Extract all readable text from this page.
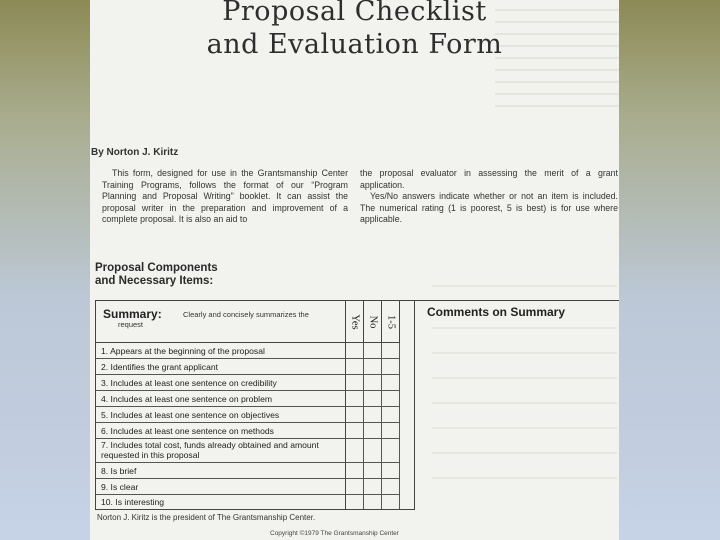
Proposal Checklist
and Evaluation Form
By Norton J. Kiritz
This form, designed for use in the Grantsmanship Center Training Programs, follows the format of our “Program Planning and Proposal Writing” booklet. It can assist the proposal writer in the preparation and improvement of a complete proposal. It is also an aid to
the proposal evaluator in assessing the merit of a grant application.
Yes/No answers indicate whether or not an item is included. The numerical rating (1 is poorest, 5 is best) is for use where applicable.
Proposal Components
and Necessary Items:
Summary:	Clearly and concisely summarizes the
request	Yes No 1-5
1. Appears at the beginning of the proposal
2. Identifies the grant applicant
3. Includes at least one sentence on credibility
4. Includes at least one sentence on problem
5. Includes at least one sentence on objectives
6. Includes at least one sentence on methods
7. Includes total cost, funds already obtained and amount requested in this proposal
8. Is brief
9. Is clear
10. Is interesting
Comments on Summary
Norton J. Kiritz is the president of The Grantsmanship Center.
Copyright ©1979 The Grantsmanship Center
